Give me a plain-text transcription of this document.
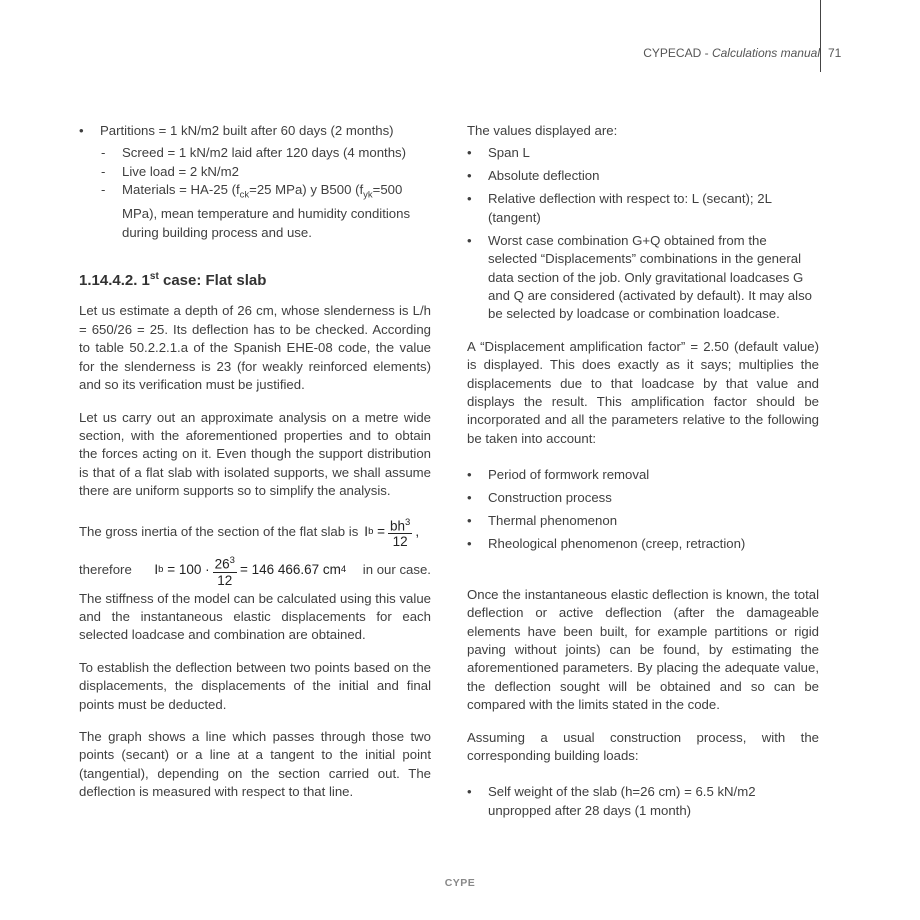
CYPECAD - Calculations manual 71
• Partitions = 1 kN/m2 built after 60 days (2 months)
- Screed = 1 kN/m2 laid after 120 days (4 months)
- Live load = 2 kN/m2
- Materials = HA-25 ($f_{ck}=25$ MPa) y B500 ($f_{yk}=500$ MPa), mean temperature and humidity conditions during building process and use.
1.14.4.2. 1st case: Flat slab

Let us estimate a depth of 26 cm, whose slenderness is L/h = 650/26 = 25. Its deflection has to be checked. According to table 50.2.2.1.a of the Spanish EHE-08 code, the value for the slenderness is 23 (for weakly reinforced elements) and so its verification must be justified.

Let us carry out an approximate analysis on a metre wide section, with the aforementioned properties and to obtain the forces acting on it. Even though the support distribution is that of a flat slab with isolated supports, we shall assume there are uniform supports so to simplify the analysis.

The gross inertia of the section of the flat slab is I b
= $\frac{bh^3}{12}$ ,
therefore I b
= $100 \cdot \frac{26^3}{12} = 146$ 466.67 cm 4 in our case.

The stiffness of the model can be calculated using this value and the instantaneous elastic displacements for each selected loadcase and combination are obtained.

To establish the deflection between two points based on the displacements, the displacements of the initial and final points must be deducted.

The graph shows a line which passes through those two points (secant) or a line at a tangent to the initial point (tangential), depending on the section carried out. The deflection is measured with respect to that line.

The values displayed are:

• Span L
• Absolute deflection
• Relative deflection with respect to: L (secant); 2L (tangent)
• Worst case combination G+Q obtained from the selected “Displacements” combinations in the general data section of the job. Only gravitational loadcases G and Q are considered (activated by default). It may also be selected by loadcase or combination loadcase.

A “Displacement amplification factor” = 2.50 (default value) is displayed. This does exactly as it says; multiplies the displacements due to that loadcase by that value and displays the result. This amplification factor should be incorporated and all the parameters relative to the following be taken into account:

• Period of formwork removal
• Construction process
• Thermal phenomenon
• Rheological phenomenon (creep, retraction)

Once the instantaneous elastic deflection is known, the total deflection or active deflection (after the damageable elements have been built, for example partitions or rigid paving without joints) can be found, by estimating the aforementioned parameters. By placing the adequate value, the deflection sought will be obtained and so can be compared with the limits stated in the code.

Assuming a usual construction process, with the corresponding building loads:

• Self weight of the slab (h=26 cm) = 6.5 kN/m2 unpropped after 28 days (1 month)
CYPE
